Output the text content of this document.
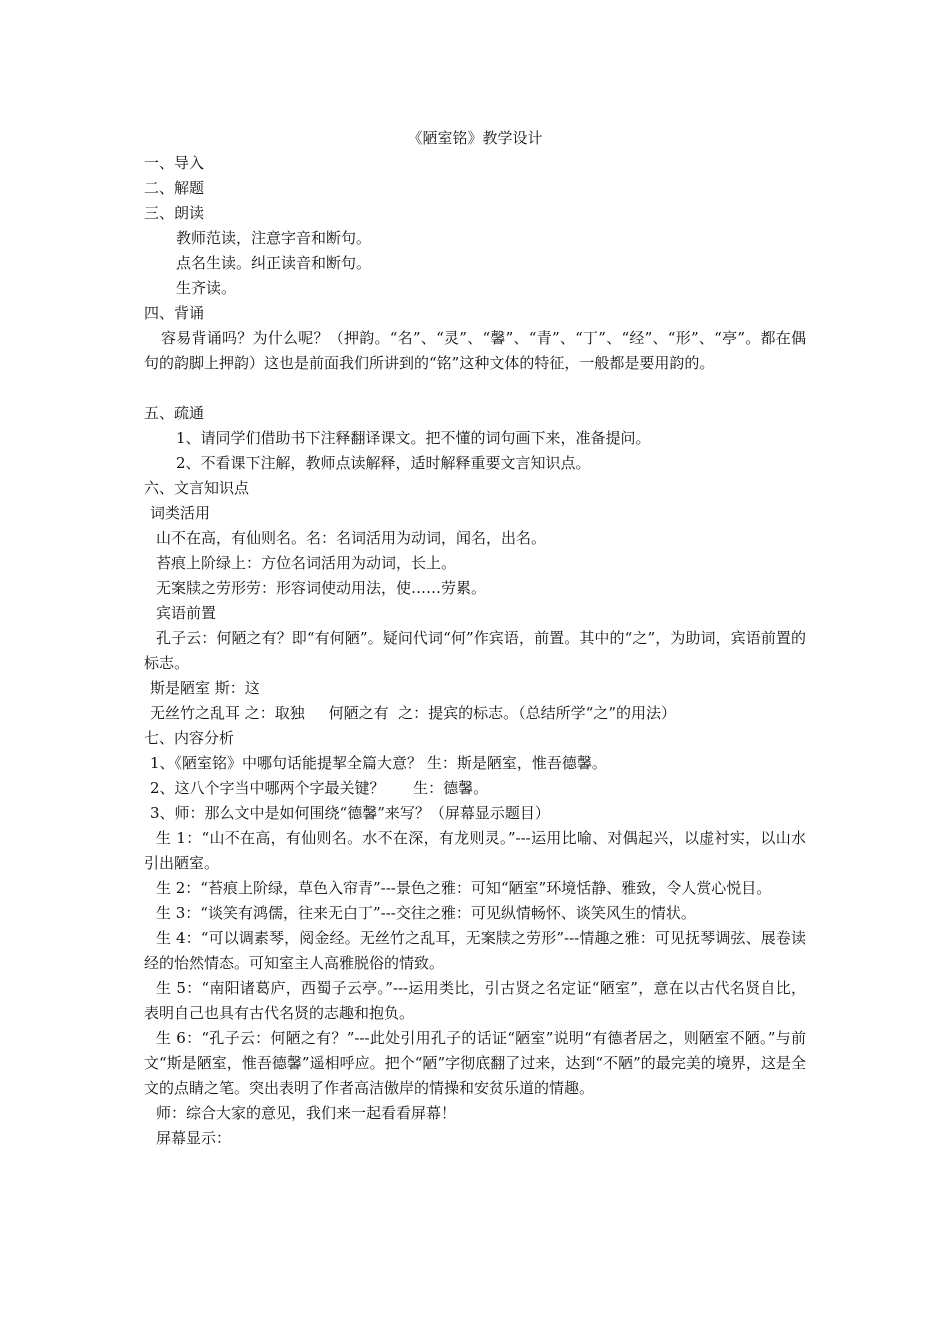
《陋室铭》教学设计

一、导入

二、解题

三、朗读

教师范读，注意字音和断句。

点名生读。纠正读音和断句。

生齐读。

四、背诵

容易背诵吗？为什么呢？（押韵。“名”、“灵”、“馨”、“青”、“丁”、“经”、“形”、“亭”。都在偶句的韵脚上押韵）这也是前面我们所讲到的“铭”这种文体的特征，一般都是要用韵的。

五、疏通

1、请同学们借助书下注释翻译课文。把不懂的词句画下来，准备提问。

2、不看课下注解，教师点读解释，适时解释重要文言知识点。

六、文言知识点

词类活用

山不在高，有仙则名。名：名词活用为动词，闻名，出名。

苔痕上阶绿上：方位名词活用为动词，长上。

无案牍之劳形劳：形容词使动用法，使……劳累。

宾语前置

孔子云：何陋之有？即“有何陋”。疑问代词“何”作宾语，前置。其中的“之”，为助词，宾语前置的标志。

斯是陋室 斯：这

无丝竹之乱耳 之：取独     何陋之有  之：提宾的标志。（总结所学“之”的用法）

七、内容分析

1、《陋室铭》中哪句话能提挈全篇大意？ 生：斯是陋室，惟吾德馨。

2、这八个字当中哪两个字最关键？      生：德馨。

3、师：那么文中是如何围绕“德馨”来写？（屏幕显示题目）

生 1：“山不在高，有仙则名。水不在深，有龙则灵。”---运用比喻、对偶起兴，以虚衬实，以山水引出陋室。

生 2：“苔痕上阶绿，草色入帘青”---景色之雅：可知“陋室”环境恬静、雅致，令人赏心悦目。

生 3：“谈笑有鸿儒，往来无白丁”---交往之雅：可见纵情畅怀、谈笑风生的情状。

生 4：“可以调素琴，阅金经。无丝竹之乱耳，无案牍之劳形”---情趣之雅：可见抚琴调弦、展卷读经的怡然情态。可知室主人高雅脱俗的情致。

生 5：“南阳诸葛庐，西蜀子云亭。”---运用类比，引古贤之名定证“陋室”，意在以古代名贤自比，表明自己也具有古代名贤的志趣和抱负。

生 6：“孔子云：何陋之有？”---此处引用孔子的话证“陋室”说明“有德者居之，则陋室不陋。”与前文“斯是陋室，惟吾德馨”遥相呼应。把个“陋”字彻底翻了过来，达到“不陋”的最完美的境界，这是全文的点睛之笔。突出表明了作者高洁傲岸的情操和安贫乐道的情趣。

师：综合大家的意见，我们来一起看看屏幕！

屏幕显示：
